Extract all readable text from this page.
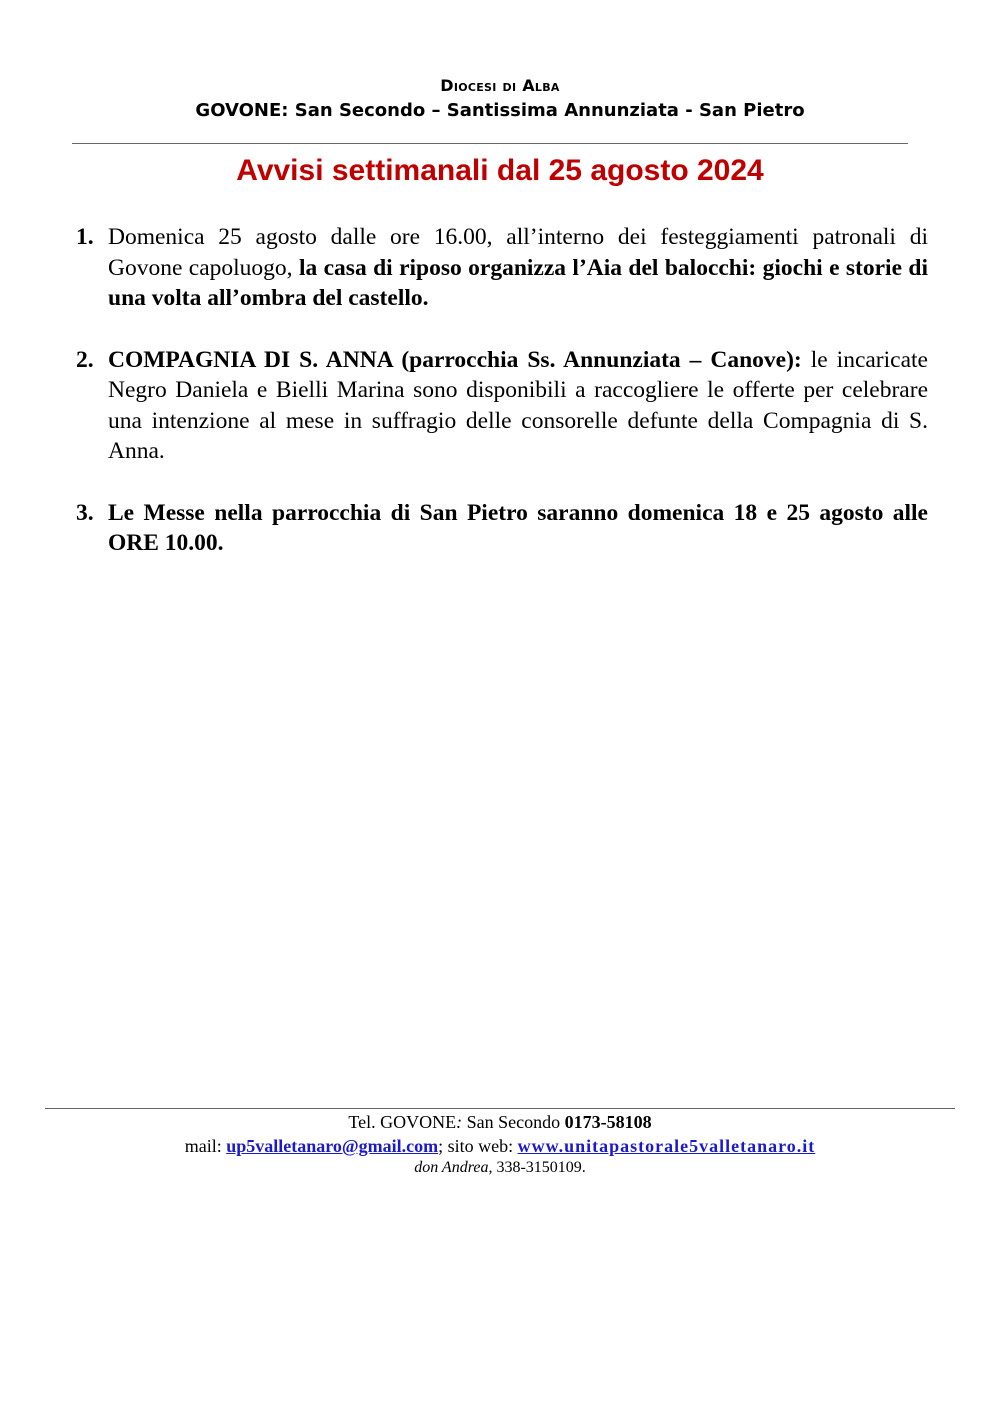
Diocesi di Alba
GOVONE: San Secondo – Santissima Annunziata - San Pietro
Avvisi settimanali dal 25 agosto 2024
1. Domenica 25 agosto dalle ore 16.00, all’interno dei festeggiamenti patronali di Govone capoluogo, la casa di riposo organizza l’Aia del balocchi: giochi e storie di una volta all’ombra del castello.
2. COMPAGNIA DI S. ANNA (parrocchia Ss. Annunziata – Canove): le incaricate Negro Daniela e Bielli Marina sono disponibili a raccogliere le offerte per celebrare una intenzione al mese in suffragio delle consorelle defunte della Compagnia di S. Anna.
3. Le Messe nella parrocchia di San Pietro saranno domenica 18 e 25 agosto alle ORE 10.00.
Tel. GOVONE: San Secondo 0173-58108
mail: up5valletanaro@gmail.com; sito web: www.unitapastorale5valletanaro.it
don Andrea, 338-3150109.
